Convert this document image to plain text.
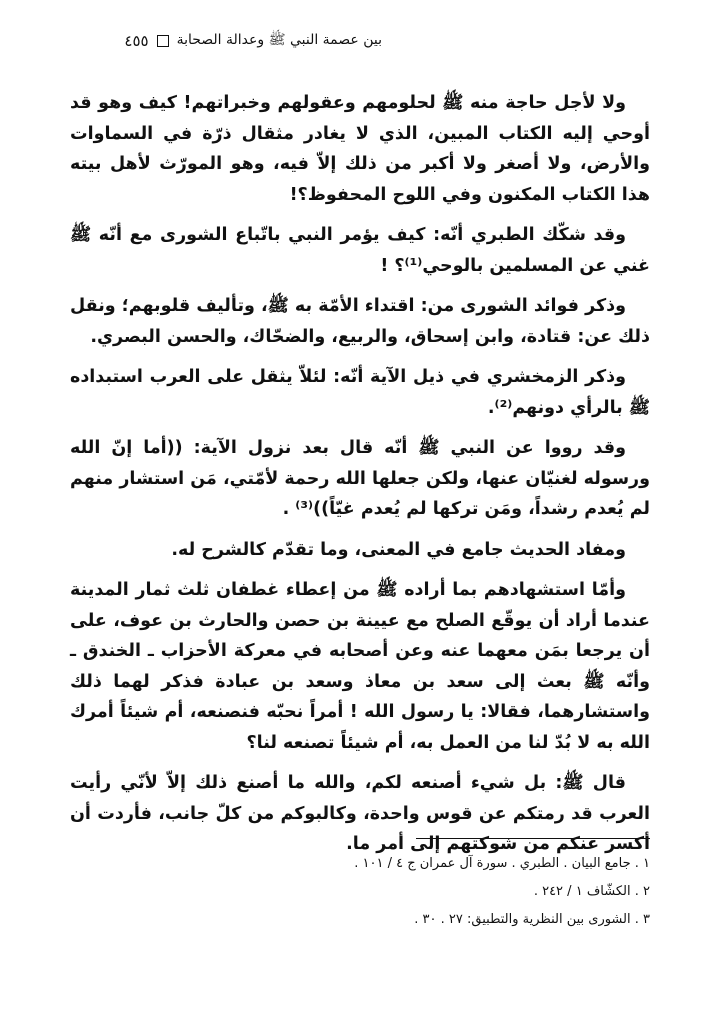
بين عصمة النبي ﷺ وعدالة الصحابة
٤٥٥

ولا لأجل حاجة منه ﷺ لحلومهم وعقولهم وخبراتهم! كيف وهو قد أوحي إليه الكتاب المبين، الذي لا يغادر مثقال ذرّة في السماوات والأرض، ولا أصغر ولا أكبر من ذلك إلاّ فيه، وهو المورّث لأهل بيته هذا الكتاب المكنون وفي اللوح المحفوظ؟!

وقد شكّك الطبري أنّه: كيف يؤمر النبي باتّباع الشورى مع أنّه ﷺ غني عن المسلمين بالوحي⁽¹⁾؟ !

وذكر فوائد الشورى من: اقتداء الأمّة به ﷺ، وتأليف قلوبهم؛ ونقل ذلك عن: قتادة، وابن إسحاق، والربيع، والضحّاك، والحسن البصري.

وذكر الزمخشري في ذيل الآية أنّه: لئلاّ يثقل على العرب استبداده ﷺ بالرأي دونهم⁽²⁾.

وقد رووا عن النبي ﷺ أنّه قال بعد نزول الآية: ((أما إنّ الله ورسوله لغنيّان عنها، ولكن جعلها الله رحمة لأمّتي، مَن استشار منهم لم يُعدم رشداً، ومَن تركها لم يُعدم غيّاً))⁽³⁾ .

ومفاد الحديث جامع في المعنى، وما تقدّم كالشرح له.

وأمّا استشهادهم بما أراده ﷺ من إعطاء غطفان ثلث ثمار المدينة عندما أراد أن يوقّع الصلح مع عيينة بن حصن والحارث بن عوف، على أن يرجعا بمَن معهما عنه وعن أصحابه في معركة الأحزاب ـ الخندق ـ وأنّه ﷺ بعث إلى سعد بن معاذ وسعد بن عبادة فذكر لهما ذلك واستشارهما، فقالا: يا رسول الله ! أمراً نحبّه فنصنعه، أم شيئاً أمرك الله به لا بُدّ لنا من العمل به، أم شيئاً تصنعه لنا؟

قال ﷺ: بل شيء أصنعه لكم، والله ما أصنع ذلك إلاّ لأنّي رأيت العرب قد رمتكم عن قوس واحدة، وكالبوكم من كلّ جانب، فأردت أن أكسر عنكم من شوكتهم إلى أمر ما.

١ . جامع البيان . الطبري . سورة آل عمران ج ٤ / ١٠١ .
٢ . الكشّاف ١ / ٢٤٢ .
٣ . الشورى بين النظرية والتطبيق: ٢٧ . ٣٠ .
